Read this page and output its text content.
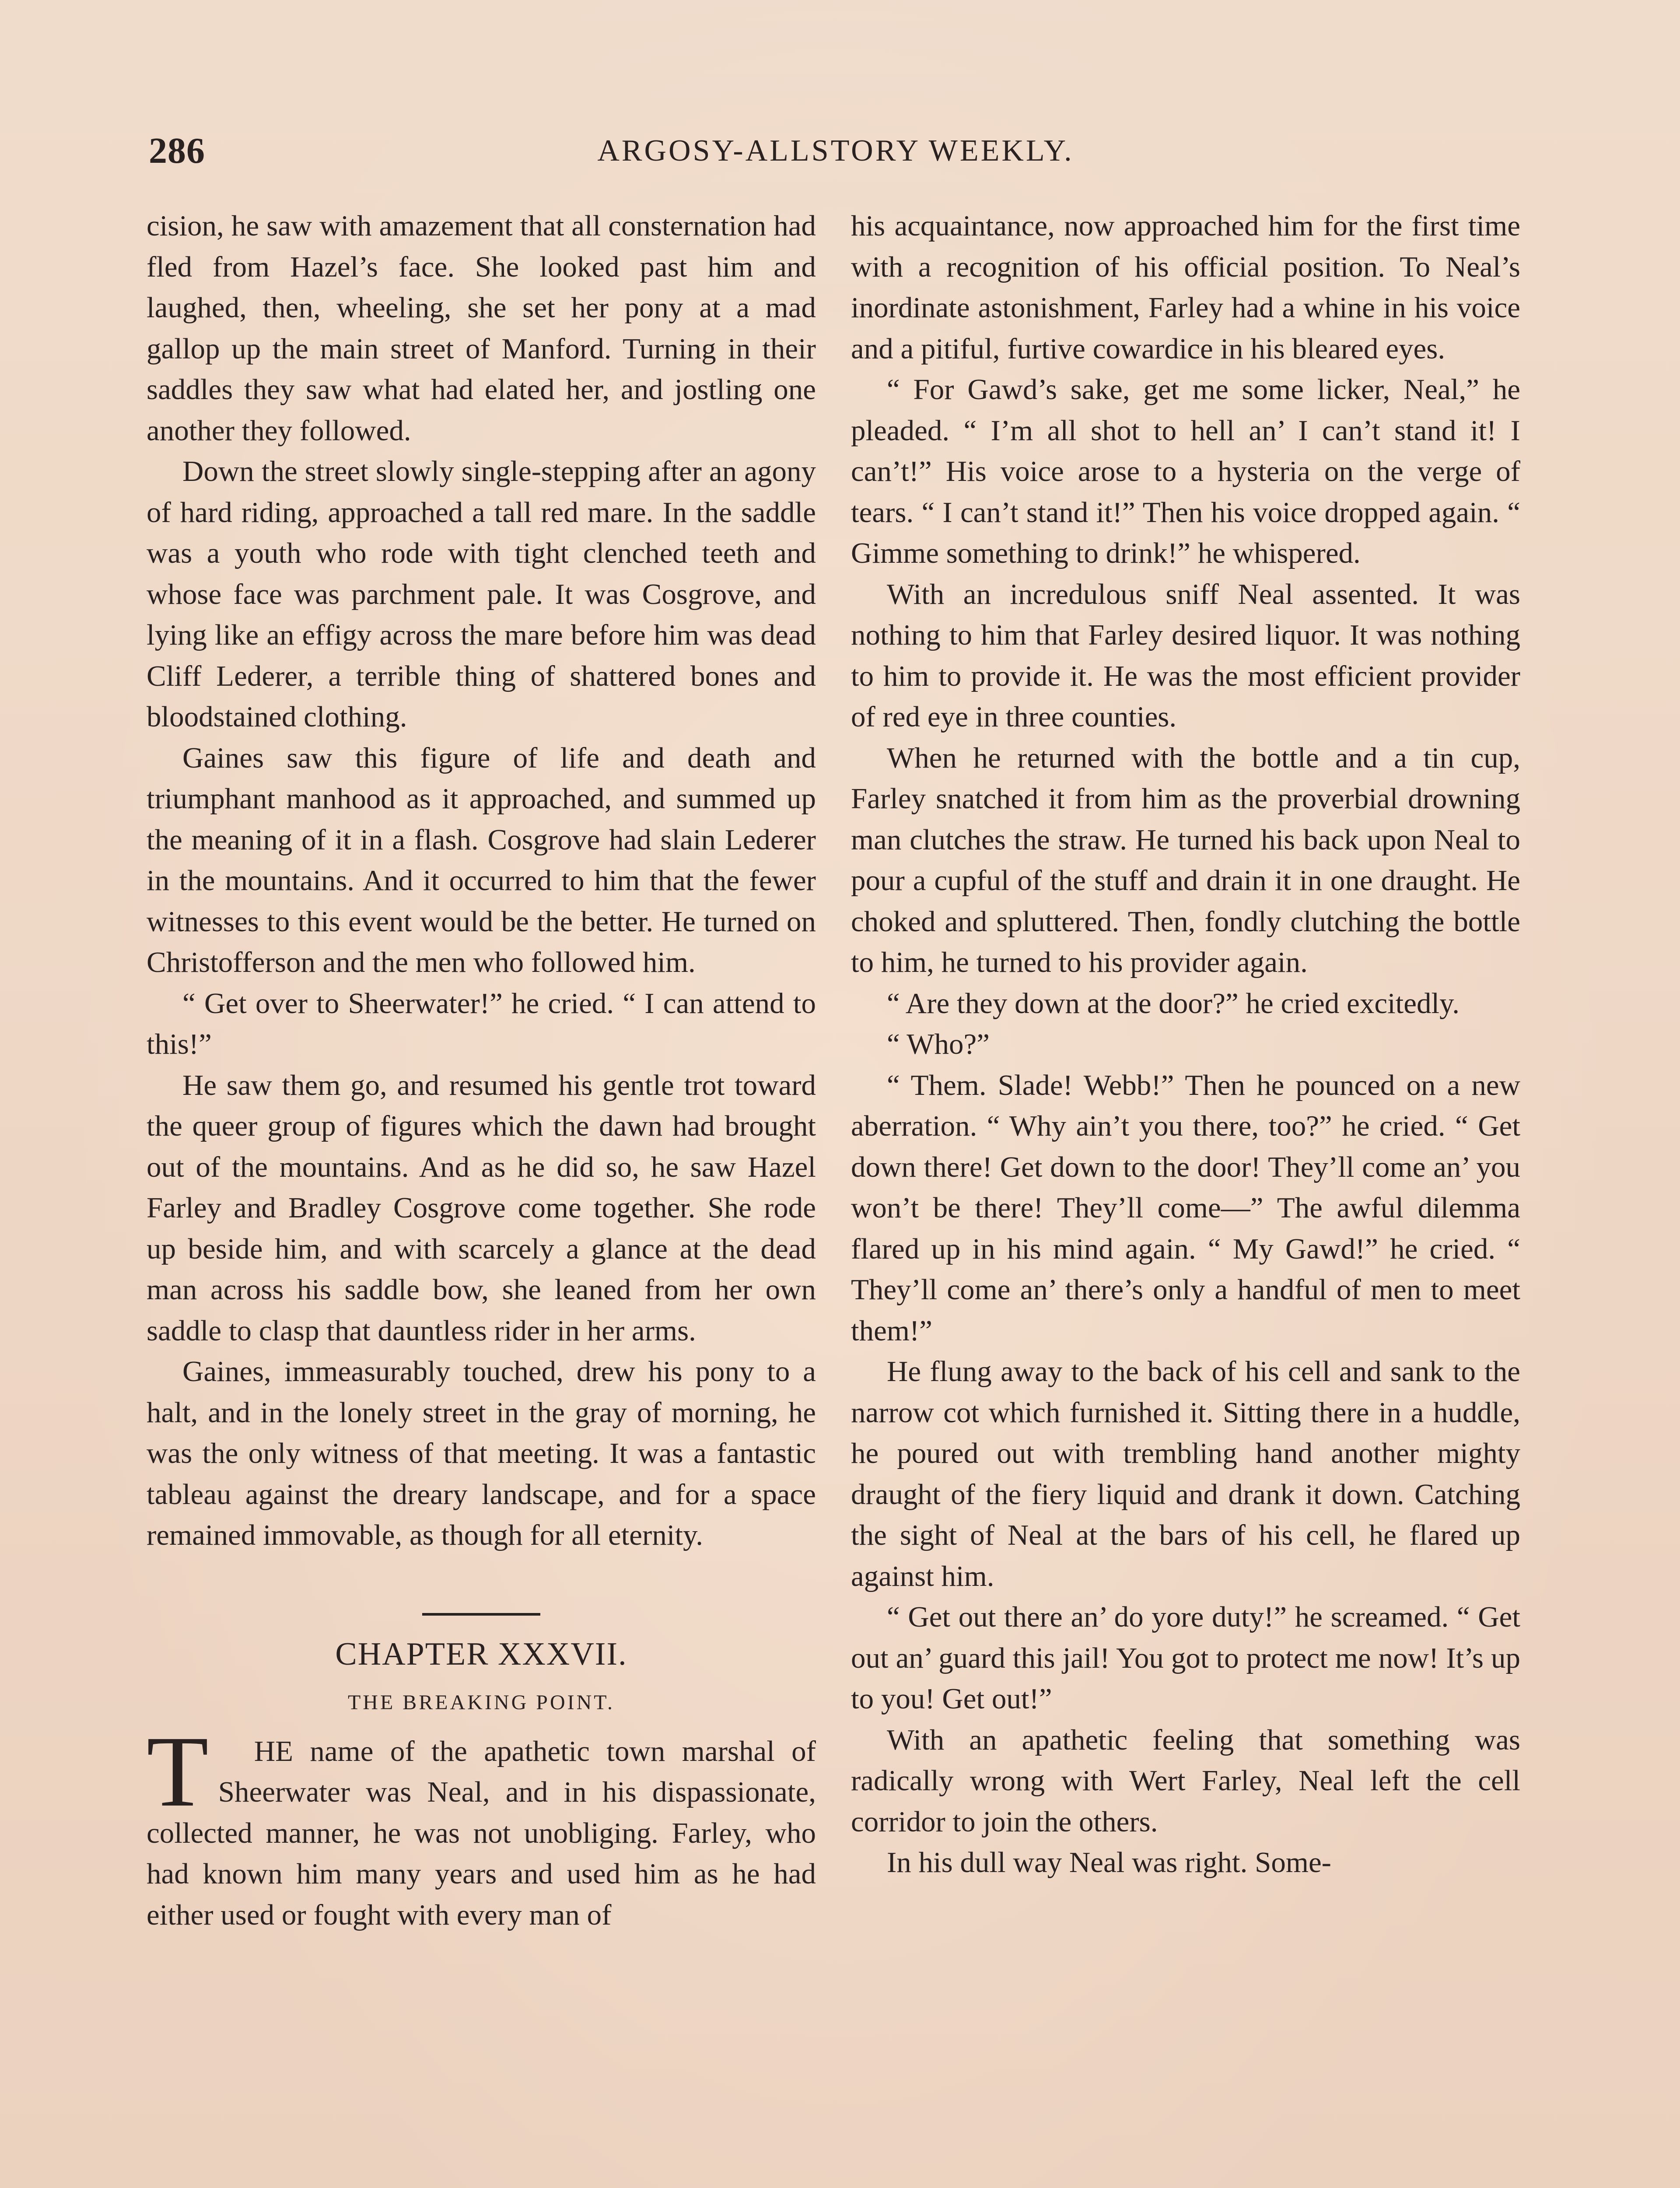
286	ARGOSY-ALLSTORY WEEKLY.

cision, he saw with amazement that all consternation had fled from Hazel’s face. She looked past him and laughed, then, wheeling, she set her pony at a mad gallop up the main street of Manford. Turning in their saddles they saw what had elated her, and jostling one another they followed.

Down the street slowly single-stepping after an agony of hard riding, approached a tall red mare. In the saddle was a youth who rode with tight clenched teeth and whose face was parchment pale. It was Cosgrove, and lying like an effigy across the mare before him was dead Cliff Lederer, a terrible thing of shattered bones and bloodstained clothing.

Gaines saw this figure of life and death and triumphant manhood as it approached, and summed up the meaning of it in a flash. Cosgrove had slain Lederer in the mountains. And it occurred to him that the fewer witnesses to this event would be the better. He turned on Christofferson and the men who followed him.

“ Get over to Sheerwater!” he cried. “ I can attend to this!”

He saw them go, and resumed his gentle trot toward the queer group of figures which the dawn had brought out of the mountains. And as he did so, he saw Hazel Farley and Bradley Cosgrove come together. She rode up beside him, and with scarcely a glance at the dead man across his saddle bow, she leaned from her own saddle to clasp that dauntless rider in her arms.

Gaines, immeasurably touched, drew his pony to a halt, and in the lonely street in the gray of morning, he was the only witness of that meeting. It was a fantastic tableau against the dreary landscape, and for a space remained immovable, as though for all eternity.

CHAPTER XXXVII.
THE BREAKING POINT.

T HE name of the apathetic town marshal of Sheerwater was Neal, and in his dispassionate, collected manner, he was not unobliging. Farley, who had known him many years and used him as he had either used or fought with every man of

his acquaintance, now approached him for the first time with a recognition of his official position. To Neal’s inordinate astonishment, Farley had a whine in his voice and a pitiful, furtive cowardice in his bleared eyes.

“ For Gawd’s sake, get me some licker, Neal,” he pleaded. “ I’m all shot to hell an’ I can’t stand it! I can’t!” His voice arose to a hysteria on the verge of tears. “ I can’t stand it!” Then his voice dropped again. “ Gimme something to drink!” he whispered.

With an incredulous sniff Neal assented. It was nothing to him that Farley desired liquor. It was nothing to him to provide it. He was the most efficient provider of red eye in three counties.

When he returned with the bottle and a tin cup, Farley snatched it from him as the proverbial drowning man clutches the straw. He turned his back upon Neal to pour a cupful of the stuff and drain it in one draught. He choked and spluttered. Then, fondly clutching the bottle to him, he turned to his provider again.

“ Are they down at the door?” he cried excitedly.

“ Who?”

“ Them. Slade! Webb!” Then he pounced on a new aberration. “ Why ain’t you there, too?” he cried. “ Get down there! Get down to the door! They’ll come an’ you won’t be there! They’ll come—” The awful dilemma flared up in his mind again. “ My Gawd!” he cried. “ They’ll come an’ there’s only a handful of men to meet them!”

He flung away to the back of his cell and sank to the narrow cot which furnished it. Sitting there in a huddle, he poured out with trembling hand another mighty draught of the fiery liquid and drank it down. Catching the sight of Neal at the bars of his cell, he flared up against him.

“ Get out there an’ do yore duty!” he screamed. “ Get out an’ guard this jail! You got to protect me now! It’s up to you! Get out!”

With an apathetic feeling that something was radically wrong with Wert Farley, Neal left the cell corridor to join the others.

In his dull way Neal was right. Some-
